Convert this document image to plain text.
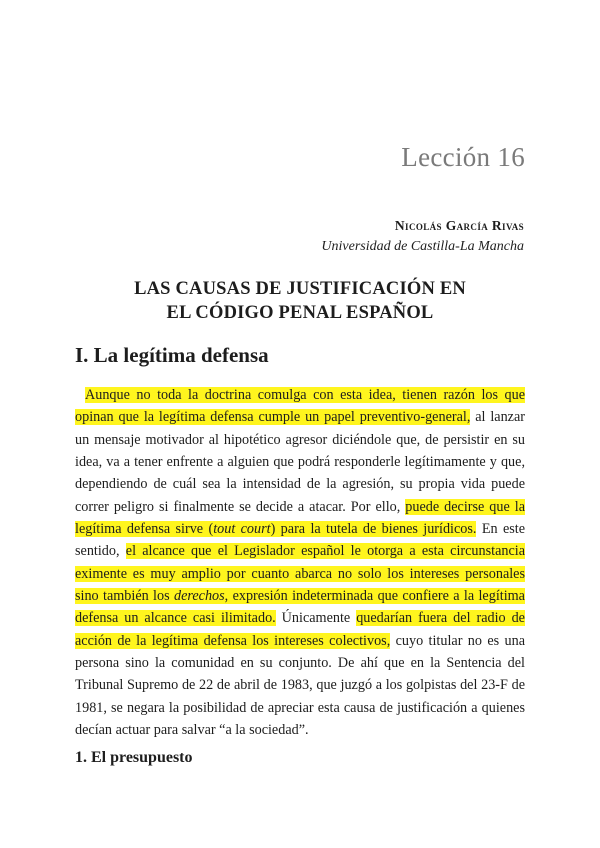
Lección 16
Nicolás García Rivas
Universidad de Castilla-La Mancha
LAS CAUSAS DE JUSTIFICACIÓN EN
EL CÓDIGO PENAL ESPAÑOL
I. La legítima defensa

Aunque no toda la doctrina comulga con esta idea, tienen razón los que opinan que la legítima defensa cumple un papel preventivo-general, al lanzar un mensaje motivador al hipotético agresor diciéndole que, de persistir en su idea, va a tener enfrente a alguien que podrá responderle legítimamente y que, dependiendo de cuál sea la intensidad de la agresión, su propia vida puede correr peligro si finalmente se decide a atacar. Por ello, puede decirse que la legítima defensa sirve (tout court) para la tutela de bienes jurídicos. En este sentido, el alcance que el Legislador español le otorga a esta circunstancia eximente es muy amplio por cuanto abarca no solo los intereses personales sino también los derechos, expresión indeterminada que confiere a la legítima defensa un alcance casi ilimitado. Únicamente quedarían fuera del radio de acción de la legítima defensa los intereses colectivos, cuyo titular no es una persona sino la comunidad en su conjunto. De ahí que en la Sentencia del Tribunal Supremo de 22 de abril de 1983, que juzgó a los golpistas del 23-F de 1981, se negara la posibilidad de apreciar esta causa de justificación a quienes decían actuar para salvar “a la sociedad”.

1. El presupuesto
